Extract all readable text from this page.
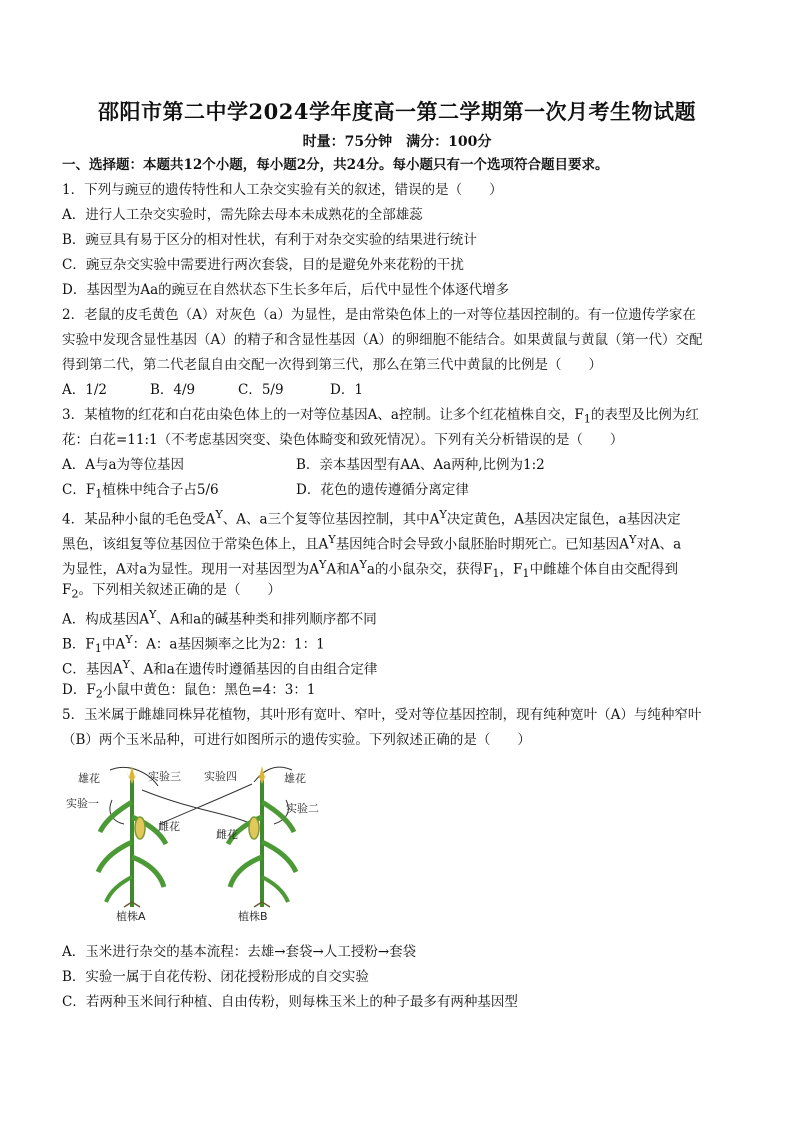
邵阳市第二中学2024学年度高一第二学期第一次月考生物试题
时量：75分钟　满分：100分
一、选择题：本题共12个小题，每小题2分，共24分。每小题只有一个选项符合题目要求。
1．下列与豌豆的遗传特性和人工杂交实验有关的叙述，错误的是（　　）
A．进行人工杂交实验时，需先除去母本未成熟花的全部雄蕊
B．豌豆具有易于区分的相对性状，有利于对杂交实验的结果进行统计
C．豌豆杂交实验中需要进行两次套袋，目的是避免外来花粉的干扰
D．基因型为Aa的豌豆在自然状态下生长多年后，后代中显性个体逐代增多
2．老鼠的皮毛黄色（A）对灰色（a）为显性，是由常染色体上的一对等位基因控制的。有一位遗传学家在
实验中发现含显性基因（A）的精子和含显性基因（A）的卵细胞不能结合。如果黄鼠与黄鼠（第一代）交配
得到第二代，第二代老鼠自由交配一次得到第三代，那么在第三代中黄鼠的比例是（　　）
A．1/2	B．4/9	C．5/9	D．1
3．某植物的红花和白花由染色体上的一对等位基因A、a控制。让多个红花植株自交，$F_1$的表型及比例为红
花：白花=11:1（不考虑基因突变、染色体畸变和致死情况）。下列有关分析错误的是（　　）
A．A与a为等位基因	B．亲本基因型有AA、Aa两种,比例为1:2
C．$F_1$植株中纯合子占5/6	D．花色的遗传遵循分离定律
4．某品种小鼠的毛色受$A^Y$、A、a三个复等位基因控制，其中$A^Y$决定黄色，A基因决定鼠色，a基因决定
黑色，该组复等位基因位于常染色体上，且$A^Y$基因纯合时会导致小鼠胚胎时期死亡。已知基因$A^Y$对A、a
为显性，A对a为显性。现用一对基因型为$A^YA$和$A^Ya$的小鼠杂交，获得$F_1$，$F_1$中雌雄个体自由交配得到
$F_2$。下列相关叙述正确的是（　　）
A．构成基因$A^Y$、A和a的碱基种类和排列顺序都不同
B．$F_1$中$A^Y$：A：a基因频率之比为2：1：1
C．基因$A^Y$、A和a在遗传时遵循基因的自由组合定律
D．$F_2$小鼠中黄色：鼠色：黑色=4：3：1
5．玉米属于雌雄同株异花植物，其叶形有宽叶、窄叶，受对等位基因控制，现有纯种宽叶（A）与纯种窄叶
（B）两个玉米品种，可进行如图所示的遗传实验。下列叙述正确的是（　　）
雄花	实验三 实验四	雄花
实验一	实验二
雌花
雌花
植株A	植株B
A．玉米进行杂交的基本流程：去雄→套袋→人工授粉→套袋
B．实验一属于自花传粉、闭花授粉形成的自交实验
C．若两种玉米间行种植、自由传粉，则每株玉米上的种子最多有两种基因型
